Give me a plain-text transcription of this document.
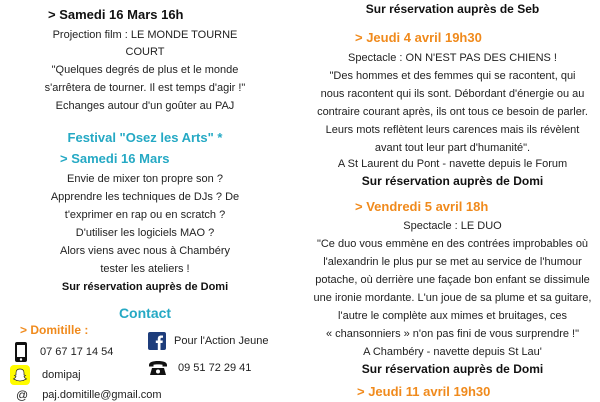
> Samedi 16 Mars 16h
Projection film : LE MONDE TOURNE
COURT
"Quelques degrés de plus et le monde
s'arrêtera de tourner. Il est temps d'agir !"
Echanges autour d'un goûter au PAJ
Festival "Osez les Arts" *
> Samedi 16 Mars
Envie de mixer ton propre son ?
Apprendre les techniques de DJs ? De
t'exprimer en rap ou en scratch ?
D'utiliser les logiciels MAO ?
Alors viens avec nous à Chambéry
tester les ateliers !
Sur réservation auprès de Domi
Contact
> Domitille :
07 67 17 14 54
domipaj
@ paj.domitille@gmail.com
Pour l'Action Jeune
09 51 72 29 41
Sur réservation auprès de Seb
> Jeudi 4 avril 19h30
Spectacle : ON N'EST PAS DES CHIENS !
"Des hommes et des femmes qui se racontent, qui
nous racontent qui ils sont. Débordant d'énergie ou au
contraire courant après, ils ont tous ce besoin de parler.
Leurs mots reflètent leurs carences mais ils révèlent
avant tout leur part d'humanité".
A St Laurent du Pont - navette depuis le Forum
Sur réservation auprès de Domi
> Vendredi 5 avril 18h
Spectacle : LE DUO
"Ce duo vous emmène en des contrées improbables où
l'alexandrin le plus pur se met au service de l'humour
potache, où derrière une façade bon enfant se dissimule
une ironie mordante. L'un joue de sa plume et sa guitare,
l'autre le complète aux mimes et bruitages, ces
« chansonniers » n'on pas fini de vous surprendre !"
A Chambéry - navette depuis St Lau'
Sur réservation auprès de Domi
> Jeudi 11 avril 19h30
